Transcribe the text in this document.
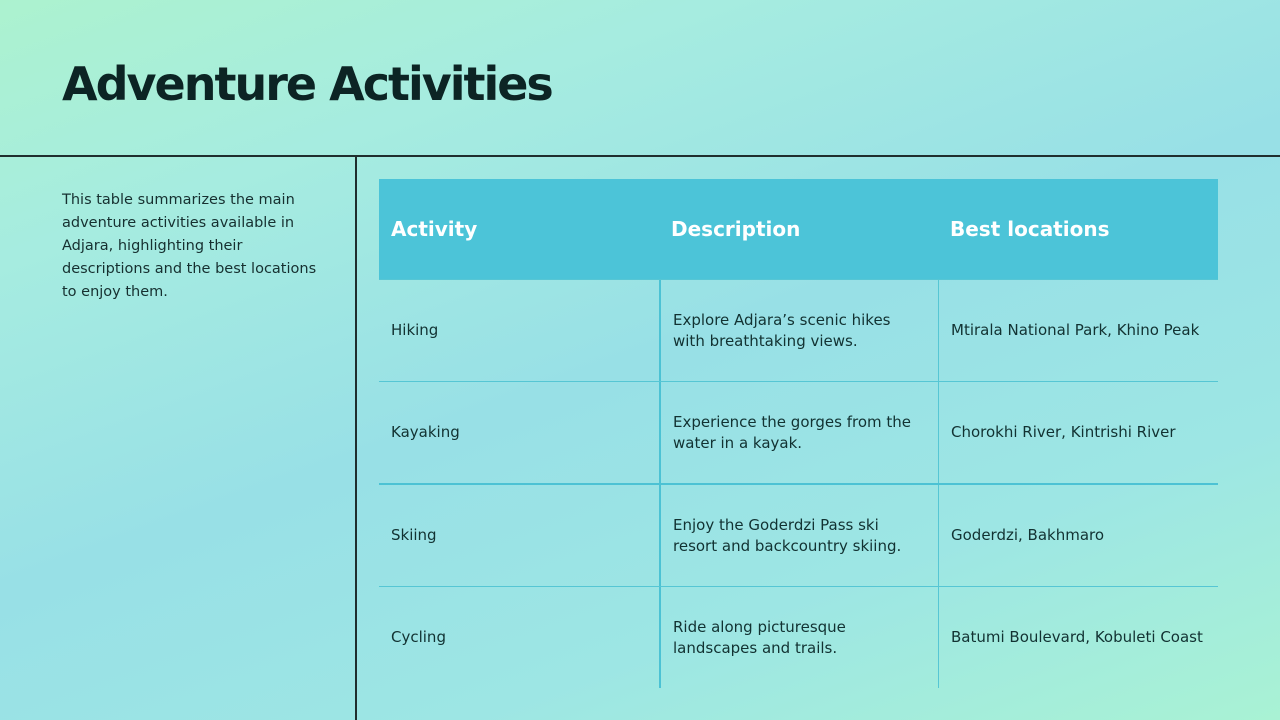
Adventure Activities

This table summarizes the main adventure activities available in Adjara, highlighting their descriptions and the best locations to enjoy them.

Activity	Description	Best locations
Hiking
Explore Adjara’s scenic hikes with breathtaking views.
Mtirala National Park, Khino Peak
Kayaking
Experience the gorges from the water in a kayak.
Chorokhi River, Kintrishi River
Skiing
Enjoy the Goderdzi Pass ski resort and backcountry skiing.
Goderdzi, Bakhmaro
Cycling
Ride along picturesque landscapes and trails.
Batumi Boulevard, Kobuleti Coast
